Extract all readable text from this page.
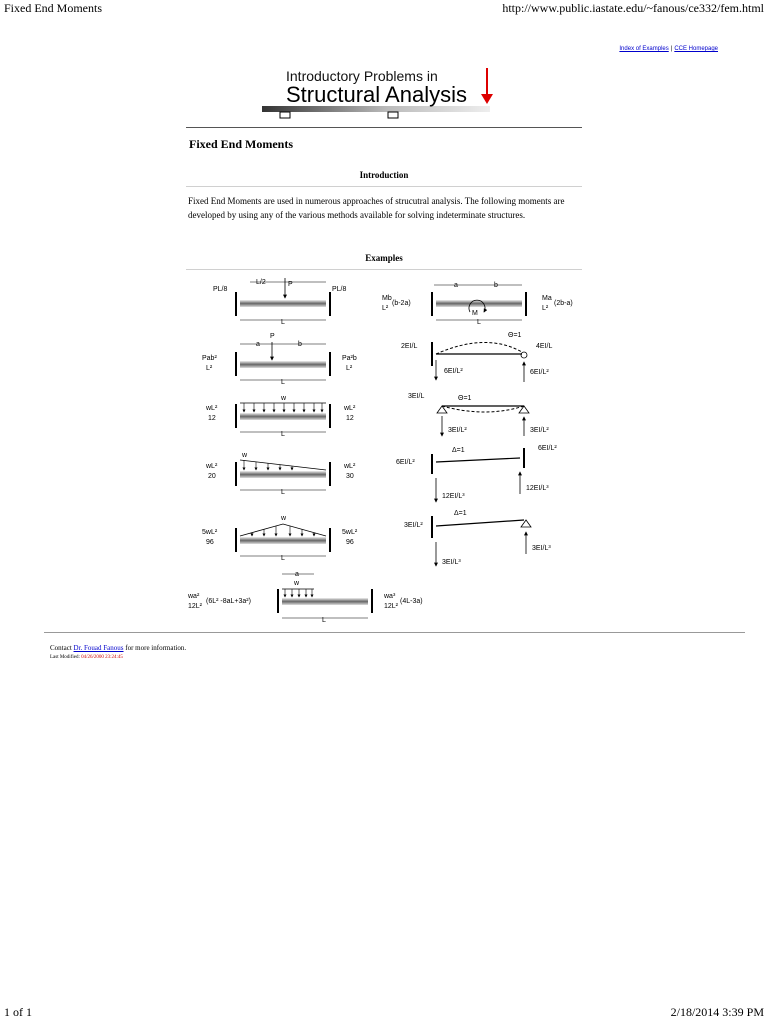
Fixed End Moments	http://www.public.iastate.edu/~fanous/ce332/fem.html
Index of Examples | CCE Homepage
Introductory Problems in
Structural Analysis
Fixed End Moments
Introduction

Fixed End Moments are used in numerous approaches of strucutral analysis. The following moments are developed by using any of the various methods available for solving indeterminate structures.

Examples
PL/8	PL/8
L/2	P
L
Pab²
L²
Pa²b
L²
P
a	b
L
wL²
12
wL²
12
w
L
wL²
20
wL²
30
w
L
5wL²
96
5wL²
96
w
L
wa²
12L²
(6L² -8aL+3a²)
wa³
12L²
(4L-3a)
a
w
L
Mb
L²
(b-2a)
Ma
L²
(2b-a)
a	b
M
L
2EI/L	4EI/L
Θ=1
6EI/L²	6EI/L²
3EI/L	Θ=1
3EI/L²	3EI/L²
6EI/L²
6EI/L²
Δ=1
12EI/L³
12EI/L³
3EI/L²
Δ=1
3EI/L³
3EI/L³
Contact Dr. Fouad Fanous for more information.
Last Modified: 04/26/2000 23:24:45
1 of 1	2/18/2014 3:39 PM
